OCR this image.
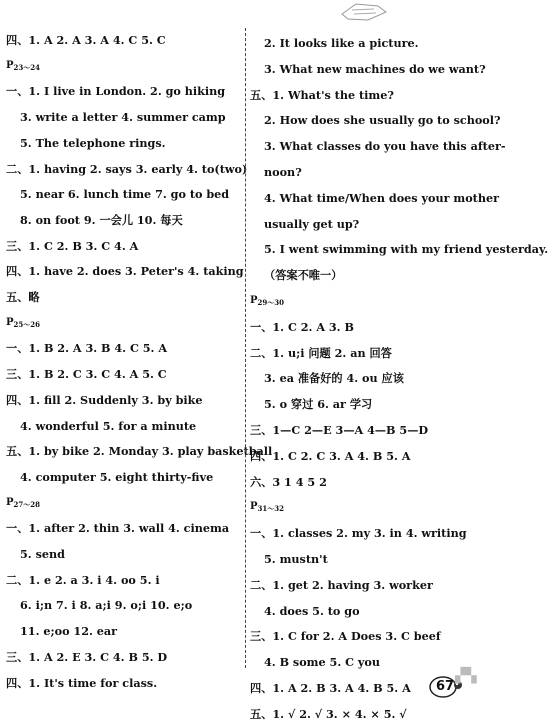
四、1. A 2. A 3. A 4. C 5. C
$P_{23\sim 24}$
一、1. I live in London. 2. go hiking
3. write a letter 4. summer camp
5. The telephone rings.
二、1. having 2. says 3. early 4. to(two)
5. near 6. lunch time 7. go to bed
8. on foot 9. 一会儿 10. 每天
三、1. C 2. B 3. C 4. A
四、1. have 2. does 3. Peter's 4. taking
五、略
$P_{25\sim 26}$
一、1. B 2. A 3. B 4. C 5. A
三、1. B 2. C 3. C 4. A 5. C
四、1. fill 2. Suddenly 3. by bike
4. wonderful 5. for a minute
五、1. by bike 2. Monday 3. play basketball
4. computer 5. eight thirty-five
$P_{27\sim 28}$
一、1. after 2. thin 3. wall 4. cinema
5. send
二、1. e 2. a 3. i 4. oo 5. i
6. i;n 7. i 8. a;i 9. o;i 10. e;o
11. e;oo 12. ear
三、1. A 2. E 3. C 4. B 5. D
四、1. It's time for class.
2. It looks like a picture.
3. What new machines do we want?
五、1. What's the time?
2. How does she usually go to school?
3. What classes do you have this after-
noon?
4. What time/When does your mother
usually get up?
5. I went swimming with my friend yesterday.
（答案不唯一）
$P_{29\sim 30}$
一、1. C 2. A 3. B
二、1. u;i 问题 2. an 回答
3. ea 准备好的 4. ou 应该
5. o 穿过 6. ar 学习
三、1—C 2—E 3—A 4—B 5—D
四、1. C 2. C 3. A 4. B 5. A
六、3 1 4 5 2
$P_{31\sim 32}$
一、1. classes 2. my 3. in 4. writing
5. mustn't
二、1. get 2. having 3. worker
4. does 5. to go
三、1. C for 2. A Does 3. C beef
4. B some 5. C you
四、1. A 2. B 3. A 4. B 5. A
五、1. √ 2. √ 3. × 4. × 5. √
67
▞▚
